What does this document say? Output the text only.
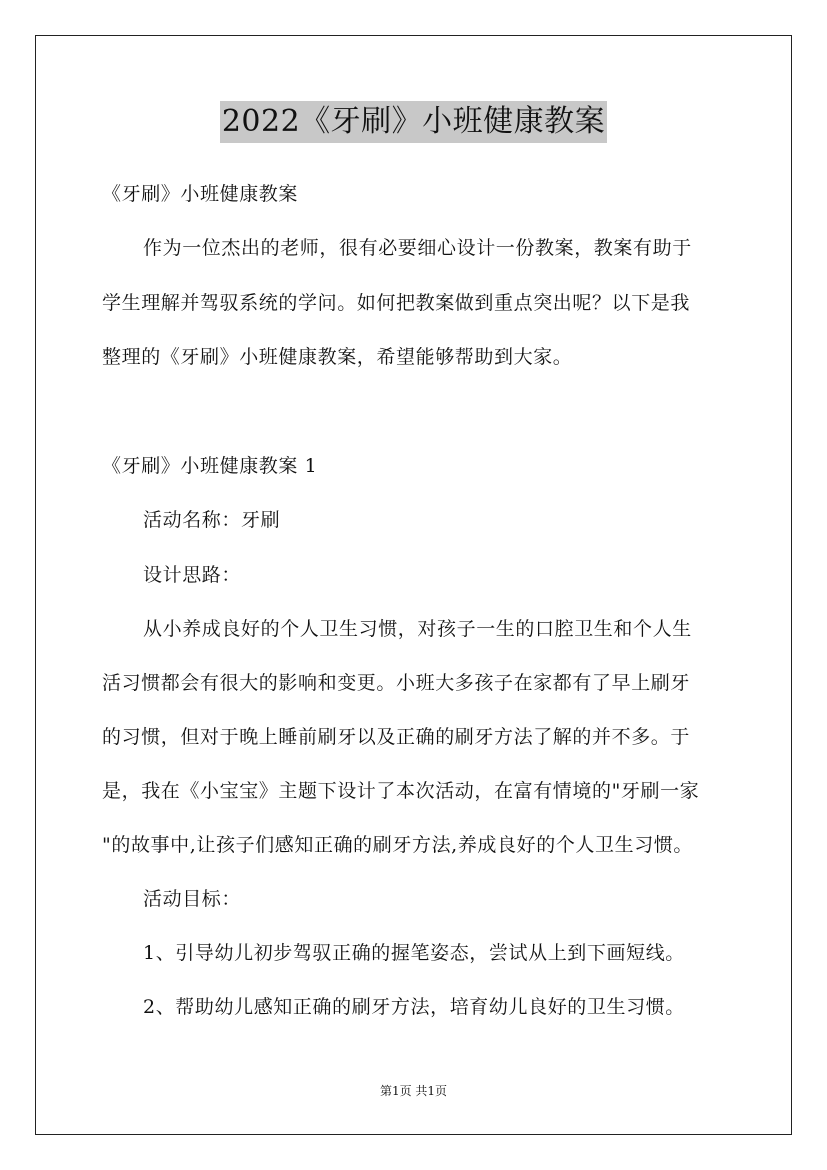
2022《牙刷》小班健康教案
《牙刷》小班健康教案
作为一位杰出的老师，很有必要细心设计一份教案，教案有助于
学生理解并驾驭系统的学问。如何把教案做到重点突出呢？以下是我
整理的《牙刷》小班健康教案，希望能够帮助到大家。
《牙刷》小班健康教案 1
活动名称：牙刷
设计思路：
从小养成良好的个人卫生习惯，对孩子一生的口腔卫生和个人生
活习惯都会有很大的影响和变更。小班大多孩子在家都有了早上刷牙
的习惯，但对于晚上睡前刷牙以及正确的刷牙方法了解的并不多。于
是，我在《小宝宝》主题下设计了本次活动，在富有情境的"牙刷一家
"的故事中,让孩子们感知正确的刷牙方法,养成良好的个人卫生习惯。
活动目标：
1、引导幼儿初步驾驭正确的握笔姿态，尝试从上到下画短线。
2、帮助幼儿感知正确的刷牙方法，培育幼儿良好的卫生习惯。
第1页 共1页
